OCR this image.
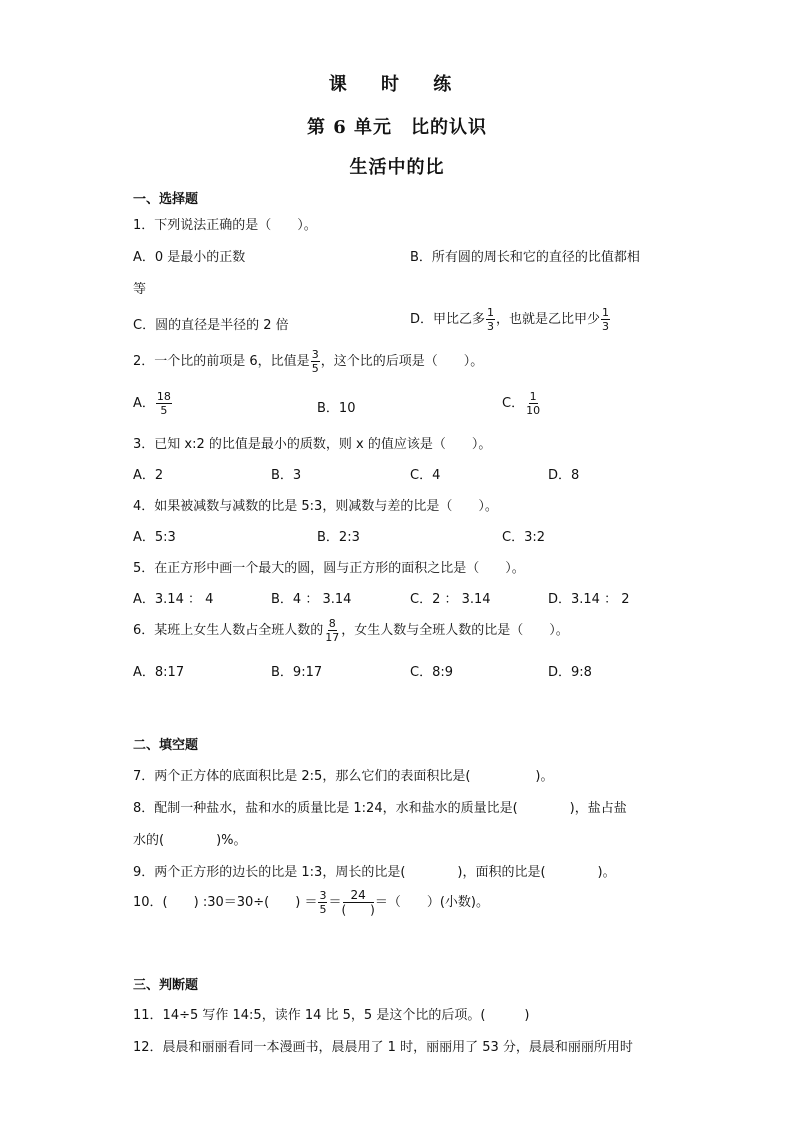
课 时 练
第 6 单元　比的认识
生活中的比
一、选择题
1．下列说法正确的是（　　）。
A．0 是最小的正数	B．所有圆的周长和它的直径的比值都相
等
C．圆的直径是半径的 2 倍	D．甲比乙多 $\frac{1}{3}$ ，也就是乙比甲少 $\frac{1}{3}$
2．一个比的前项是 6，比值是 $\frac{3}{5}$ ，这个比的后项是（　　）。
A． $\frac{18}{5}$	B．10	C． $\frac{1}{10}$
3．已知 x:2 的比值是最小的质数，则 x 的值应该是（　　）。
A．2	B．3	C．4	D．8
4．如果被减数与减数的比是 5:3，则减数与差的比是（　　）。
A．5:3	B．2:3	C．3:2
5．在正方形中画一个最大的圆，圆与正方形的面积之比是（　　）。
A．3.14 ： 4	B．4 ： 3.14	C．2 ： 3.14	D．3.14 ： 2
6．某班上女生人数占全班人数的 $\frac{8}{17}$ ，女生人数与全班人数的比是（　　）。
A．8:17	B．9:17	C．8:9	D．9:8
二、填空题
7．两个正方体的底面积比是 2:5，那么它们的表面积比是(　　　　　)。
8．配制一种盐水，盐和水的质量比是 1:24，水和盐水的质量比是(　　　　)，盐占盐
水的(　　　　)%。
9．两个正方形的边长的比是 1:3，周长的比是(　　　　)，面积的比是(　　　　)。
10．(　　) :30＝30÷(　　) ＝ $\frac{3}{5} = \frac{24}{( )}$ ＝（　　）(小数)。
三、判断题
11．14÷5 写作 14:5，读作 14 比 5，5 是这个比的后项。(　　　)
12．晨晨和丽丽看同一本漫画书，晨晨用了 1 时，丽丽用了 53 分，晨晨和丽丽所用时
